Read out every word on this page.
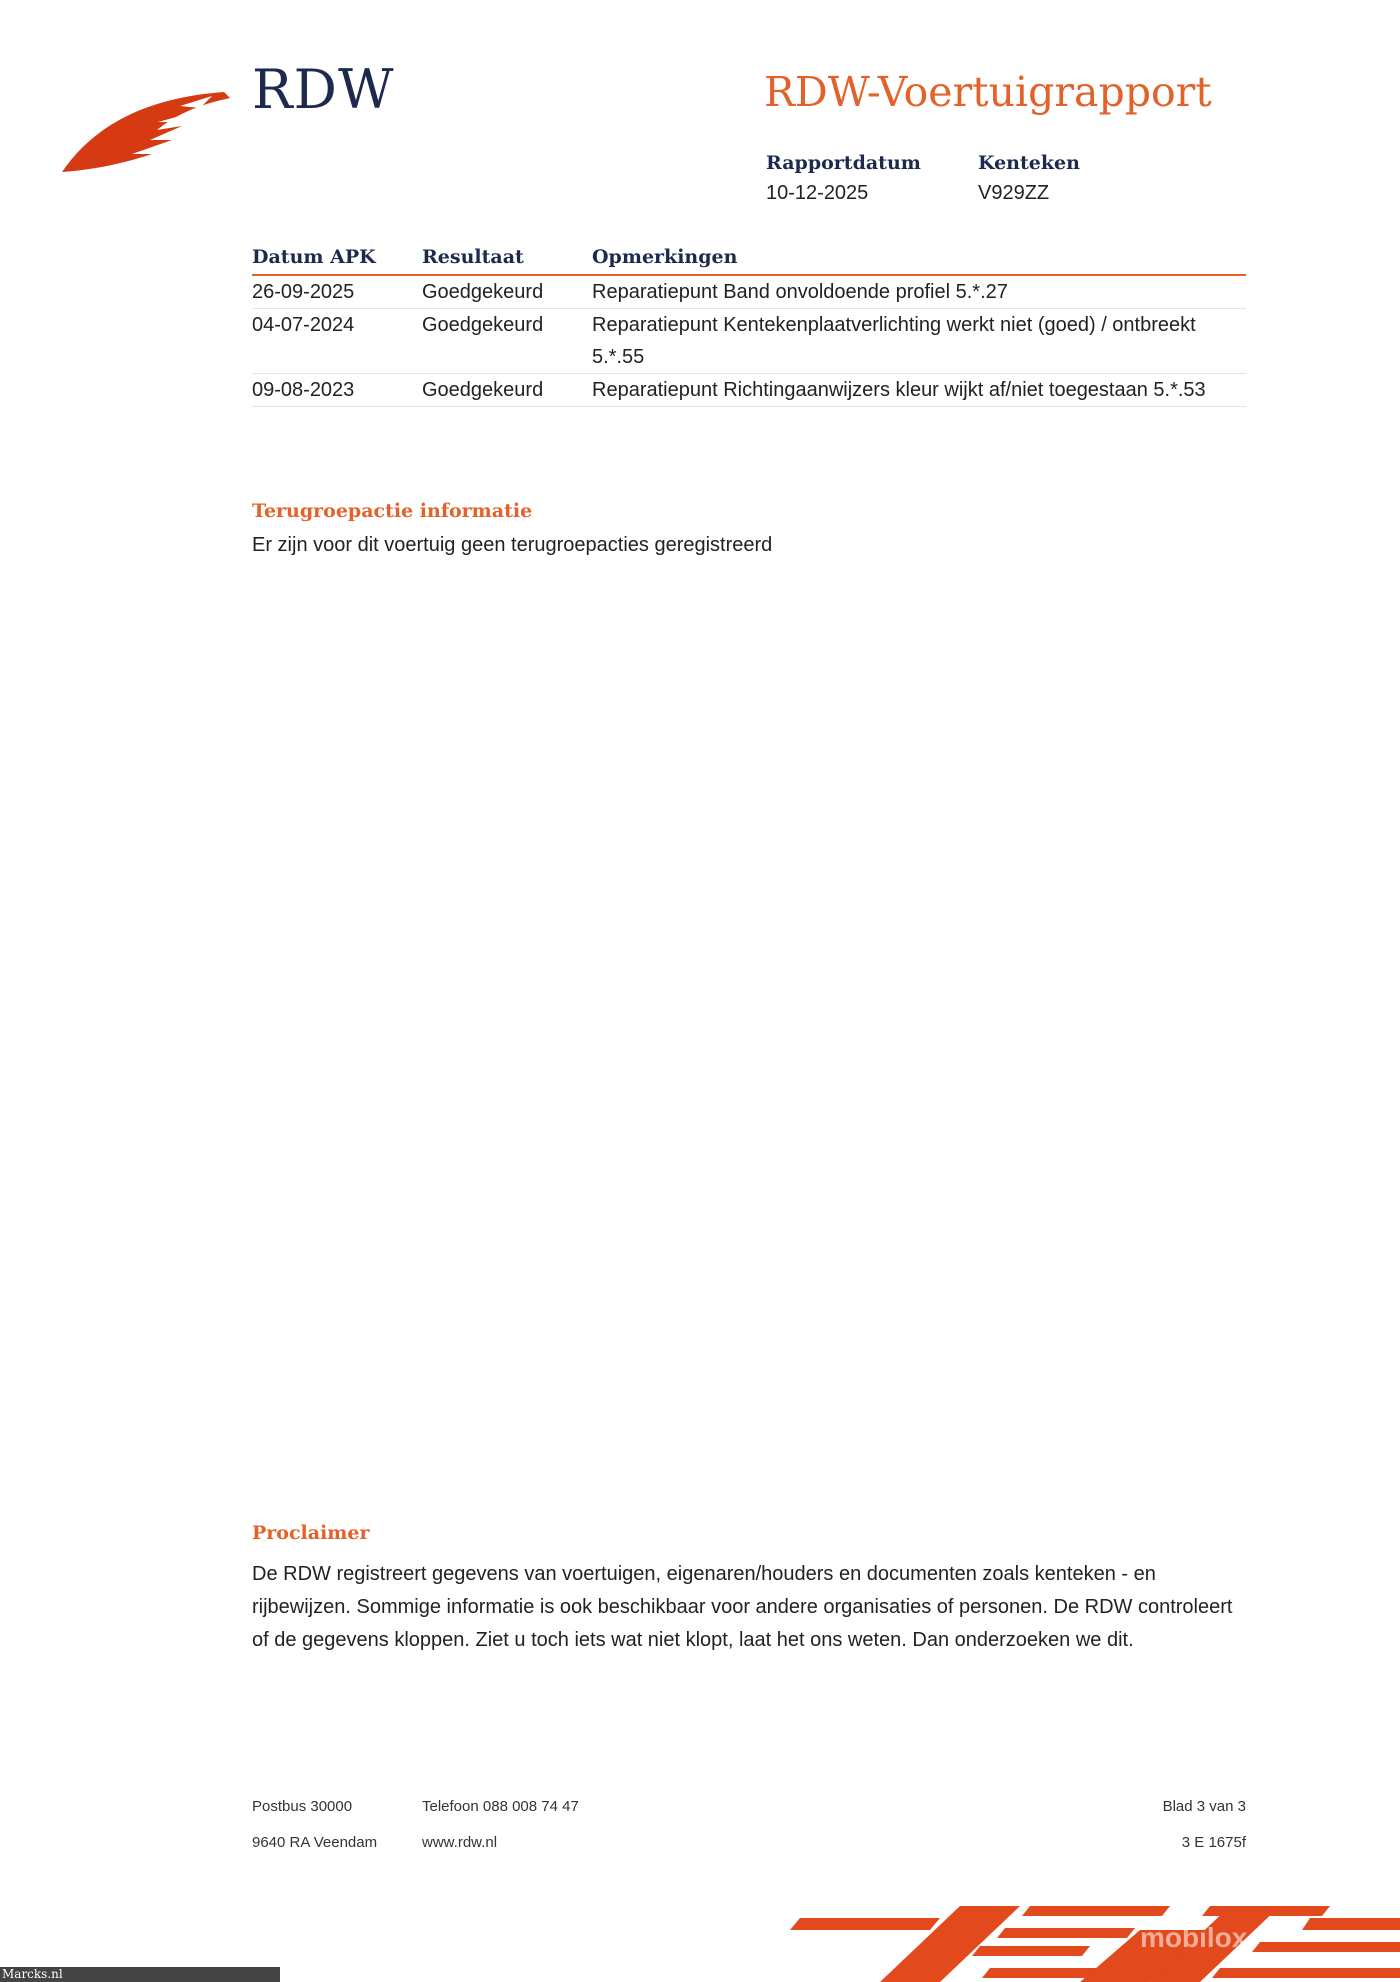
RDW	RDW-Voertuigrapport
Rapportdatum
10-12-2025
Kenteken
V929ZZ
Datum APK	Resultaat	Opmerkingen
26-09-2025	Goedgekeurd	Reparatiepunt Band onvoldoende profiel 5.*.27
04-07-2024	Goedgekeurd	Reparatiepunt Kentekenplaatverlichting werkt niet (goed) / ontbreekt 5.*.55
09-08-2023	Goedgekeurd	Reparatiepunt Richtingaanwijzers kleur wijkt af/niet toegestaan 5.*.53
Terugroepactie informatie
Er zijn voor dit voertuig geen terugroepacties geregistreerd
Proclaimer
De RDW registreert gegevens van voertuigen, eigenaren/houders en documenten zoals kenteken - en rijbewijzen. Sommige informatie is ook beschikbaar voor andere organisaties of personen. De RDW controleert of de gegevens kloppen. Ziet u toch iets wat niet klopt, laat het ons weten. Dan onderzoeken we dit.
Postbus 30000
9640 RA Veendam
Telefoon 088 008 74 47
www.rdw.nl
Blad 3 van 3
3 E 1675f
mobilox
Marcks.nl
